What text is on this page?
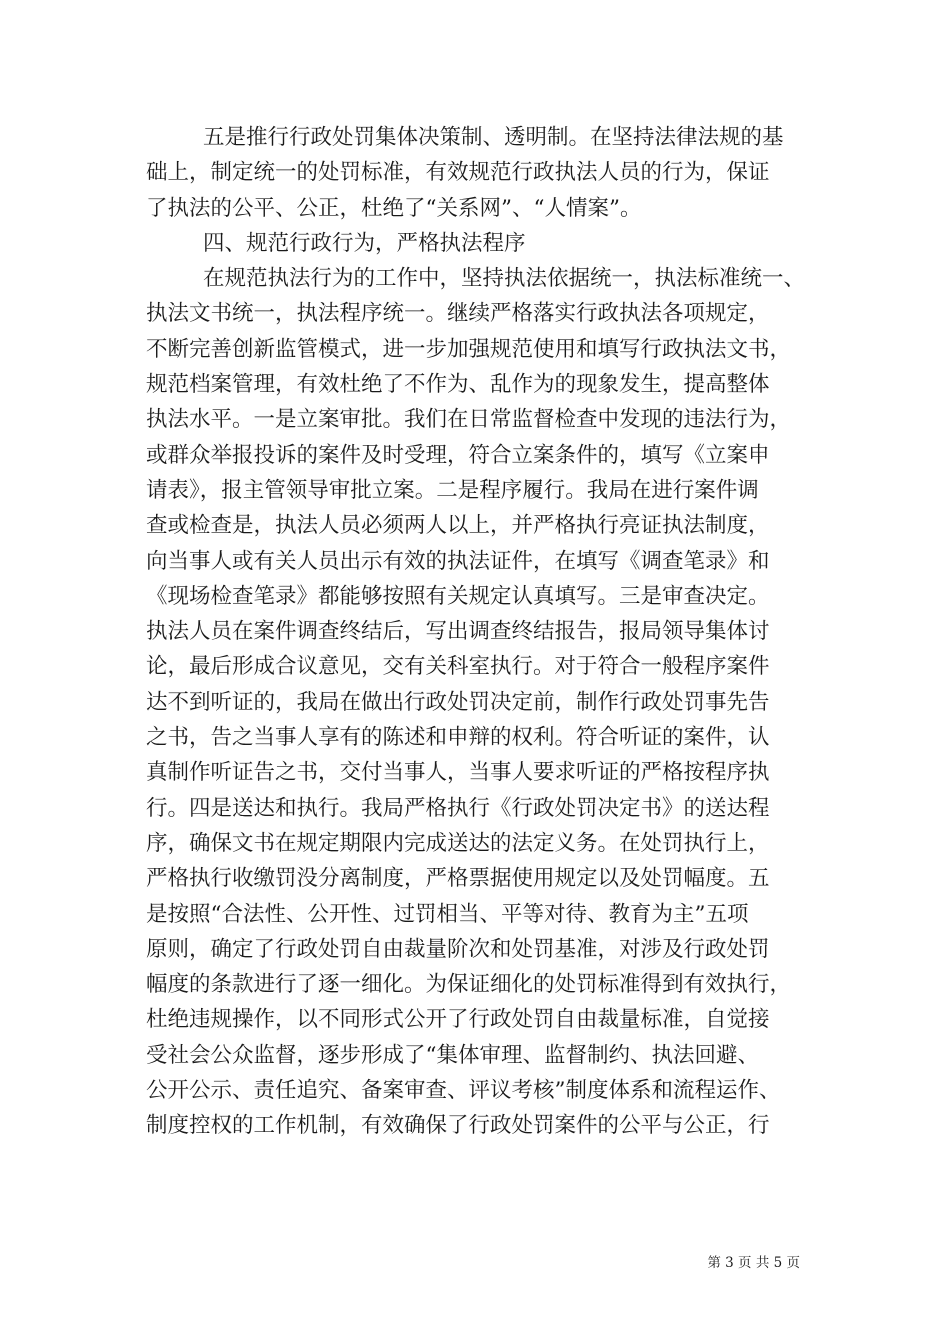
五是推行行政处罚集体决策制、透明制。在坚持法律法规的基
础上，制定统一的处罚标准，有效规范行政执法人员的行为，保证
了执法的公平、公正，杜绝了“关系网”、“人情案”。
四、规范行政行为，严格执法程序
在规范执法行为的工作中，坚持执法依据统一，执法标准统一、
执法文书统一，执法程序统一。继续严格落实行政执法各项规定，
不断完善创新监管模式，进一步加强规范使用和填写行政执法文书，
规范档案管理，有效杜绝了不作为、乱作为的现象发生，提高整体
执法水平。一是立案审批。我们在日常监督检查中发现的违法行为，
或群众举报投诉的案件及时受理，符合立案条件的，填写《立案申
请表》，报主管领导审批立案。二是程序履行。我局在进行案件调
查或检查是，执法人员必须两人以上，并严格执行亮证执法制度，
向当事人或有关人员出示有效的执法证件，在填写《调查笔录》和
《现场检查笔录》都能够按照有关规定认真填写。三是审查决定。
执法人员在案件调查终结后，写出调查终结报告，报局领导集体讨
论，最后形成合议意见，交有关科室执行。对于符合一般程序案件
达不到听证的，我局在做出行政处罚决定前，制作行政处罚事先告
之书，告之当事人享有的陈述和申辩的权利。符合听证的案件，认
真制作听证告之书，交付当事人，当事人要求听证的严格按程序执
行。四是送达和执行。我局严格执行《行政处罚决定书》的送达程
序，确保文书在规定期限内完成送达的法定义务。在处罚执行上，
严格执行收缴罚没分离制度，严格票据使用规定以及处罚幅度。五
是按照“合法性、公开性、过罚相当、平等对待、教育为主”五项
原则，确定了行政处罚自由裁量阶次和处罚基准，对涉及行政处罚
幅度的条款进行了逐一细化。为保证细化的处罚标准得到有效执行，
杜绝违规操作，以不同形式公开了行政处罚自由裁量标准，自觉接
受社会公众监督，逐步形成了“集体审理、监督制约、执法回避、
公开公示、责任追究、备案审查、评议考核”制度体系和流程运作、
制度控权的工作机制，有效确保了行政处罚案件的公平与公正，行
第 3 页 共 5 页
